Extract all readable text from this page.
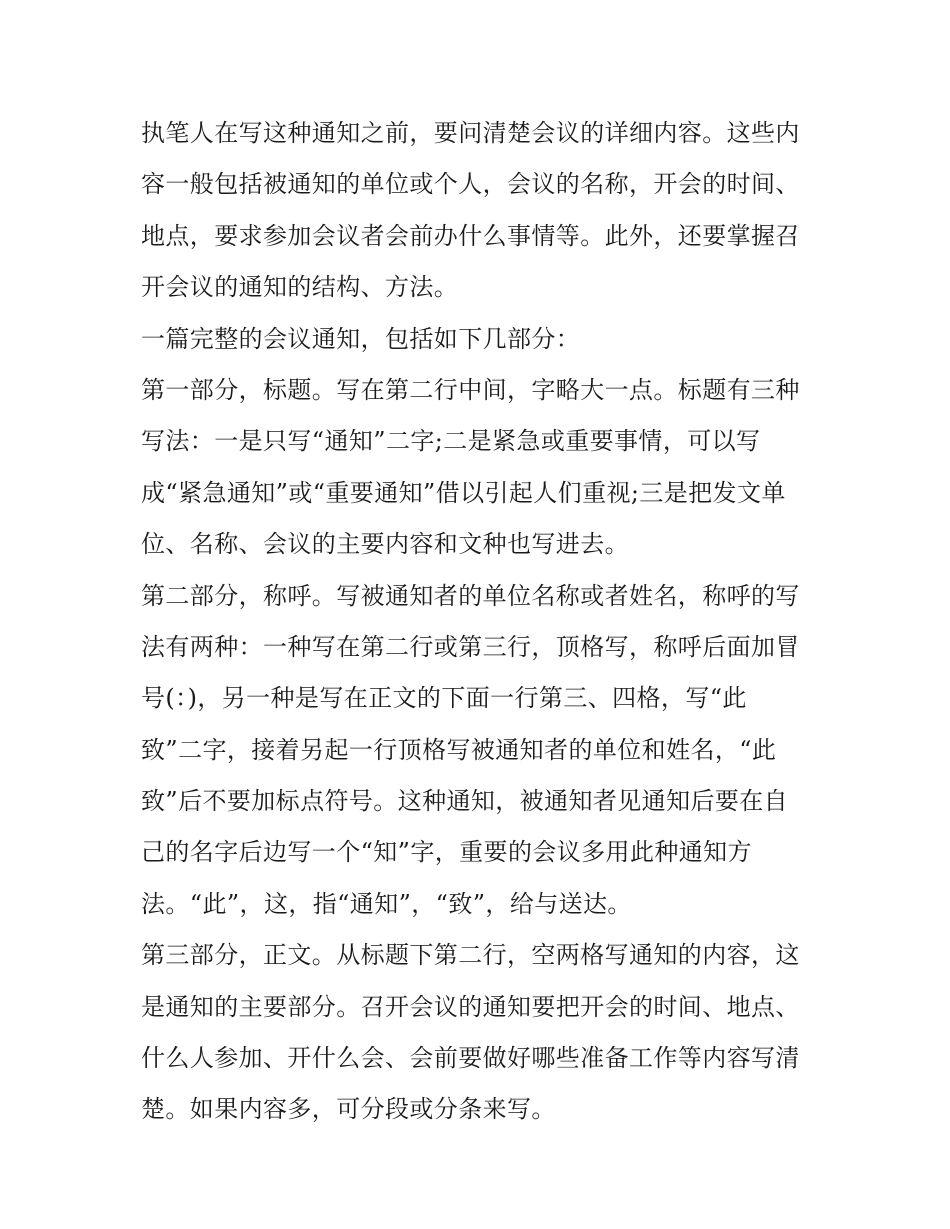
执笔人在写这种通知之前，要问清楚会议的详细内容。这些内
容一般包括被通知的单位或个人，会议的名称，开会的时间、
地点，要求参加会议者会前办什么事情等。此外，还要掌握召
开会议的通知的结构、方法。
一篇完整的会议通知，包括如下几部分：
第一部分，标题。写在第二行中间，字略大一点。标题有三种
写法：一是只写“通知”二字;二是紧急或重要事情，可以写
成“紧急通知”或“重要通知”借以引起人们重视;三是把发文单
位、名称、会议的主要内容和文种也写进去。
第二部分，称呼。写被通知者的单位名称或者姓名，称呼的写
法有两种：一种写在第二行或第三行，顶格写，称呼后面加冒
号(：)，另一种是写在正文的下面一行第三、四格，写“此
致”二字，接着另起一行顶格写被通知者的单位和姓名，“此
致”后不要加标点符号。这种通知，被通知者见通知后要在自
己的名字后边写一个“知”字，重要的会议多用此种通知方
法。“此”，这，指“通知”，“致”，给与送达。
第三部分，正文。从标题下第二行，空两格写通知的内容，这
是通知的主要部分。召开会议的通知要把开会的时间、地点、
什么人参加、开什么会、会前要做好哪些准备工作等内容写清
楚。如果内容多，可分段或分条来写。
